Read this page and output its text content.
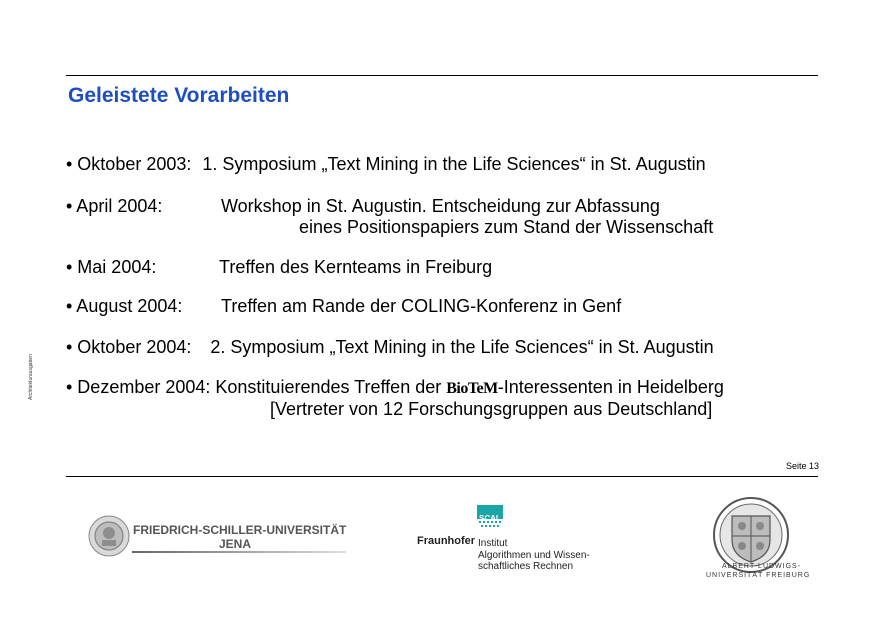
Geleistete Vorarbeiten
• Oktober 2003: 1. Symposium „Text Mining in the Life Sciences“ in St. Augustin
• April 2004:	Workshop in St. Augustin. Entscheidung zur Abfassung
eines Positionspapiers zum Stand der Wissenschaft
• Mai 2004:	Treffen des Kernteams in Freiburg
• August 2004: Treffen am Rande der COLING-Konferenz in Genf
• Oktober 2004: 2. Symposium „Text Mining in the Life Sciences“ in St. Augustin
• Dezember 2004: Konstituierendes Treffen der BioTeM-Interessenten in Heidelberg
[Vertreter von 12 Forschungsgruppen aus Deutschland]
Architekturausgaben
Seite 13
FRIEDRICH-SCHILLER-UNIVERSITÄT
JENA
SCAI
Fraunhofer Institut
Algorithmen und Wissen-
schaftliches Rechnen	ALBERT-LUDWIGS-
UNIVERSITÄT FREIBURG
